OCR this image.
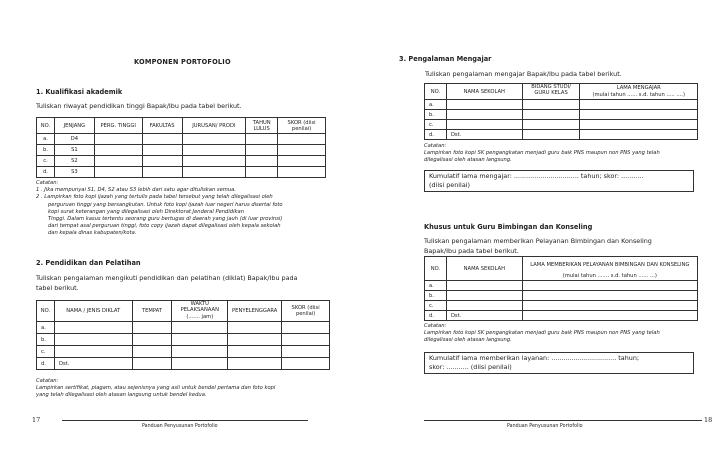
KOMPONEN PORTOFOLIO
1. Kualifikasi akademik
Tuliskan riwayat pendidikan tinggi Bapak/Ibu pada tabel berikut.
NO.	JENJANG	PERG. TINGGI	FAKULTAS	JURUSAN/ PRODI	TAHUN LULUS	SKOR (diisi penilai)
a.	D4					
b.	S1					
c.	S2					
d.	S3					
Catatan:
1 . Jika mempunyai S1, D4, S2 atau S3 lebih dari satu agar dituliskan semua.
2 . Lampirkan foto kopi ijazah yang tertulis pada tabel tersebut yang telah dilegalisasi oleh
perguruan tinggi yang bersangkutan. Untuk foto kopi ijazah luar negeri harus disertai foto
kopi surat keterangan yang dilegalisasi oleh Direktorat Jenderal Pendidikan
Tinggi. Dalam kasus tertentu seorang guru bertugas di daerah yang jauh (di luar provinsi)
dari tempat asal perguruan tinggi, foto copy ijazah dapat dilegalisasi oleh kepala sekolah
dan kepala dinas kabupaten/kota.
2. Pendidikan dan Pelatihan
Tuliskan pengalaman mengikuti pendidikan dan pelatihan (diklat) Bapak/Ibu pada
tabel berikut.
NO.	NAMA / JENIS DIKLAT	TEMPAT	WAKTU PELAKSANAAN	PENYELENGGARA	SKOR (diisi penilai)
			(....... jam)		
a.					
b.					
c.					
d.	Dst.				
Catatan:
Lampirkan sertifikat, piagam, atau sejenisnya yang asli untuk bendel pertama dan foto kopi
yang telah dilegalisasi oleh atasan langsung untuk bendel kedua.
17
Panduan Penyusunan Portofolio
3. Pengalaman Mengajar
Tuliskan pengalaman mengajar Bapak/Ibu pada tabel berikut.
NO.	NAMA SEKOLAH	BIDANG STUDI/ GURU KELAS	LAMA MENGAJAR
			(mulai tahun ...... s.d. tahun ..... ....)
a.			
b.			
c.			
d.	Dst.		
Catatan:
Lampirkan foto kopi SK pengangkatan menjadi guru baik PNS maupun non PNS yang telah
dilegalisasi oleh atasan langsung.
Kumulatif lama mengajar: ................................ tahun; skor: ...........
(diisi penilai)
Khusus untuk Guru Bimbingan dan Konseling
Tuliskan pengalaman memberikan Pelayanan Bimbingan dan Konseling
Bapak/Ibu pada tabel berikut.
NO.	NAMA SEKOLAH	LAMA MEMBERIKAN PELAYANAN BIMBINGAN DAN KONSELING
		(mulai tahun ....... s.d. tahun ...... ...)
a.		
b.		
c.		
d.	Dst.	
Catatan:
Lampirkan foto kopi SK pengangkatan menjadi guru baik PNS maupun non PNS yang telah
dilegalisasi oleh atasan langsung.
Kumulatif lama memberikan layanan: ................................ tahun;
skor: ........... (diisi penilai)
18
Panduan Penyusunan Portofolio
